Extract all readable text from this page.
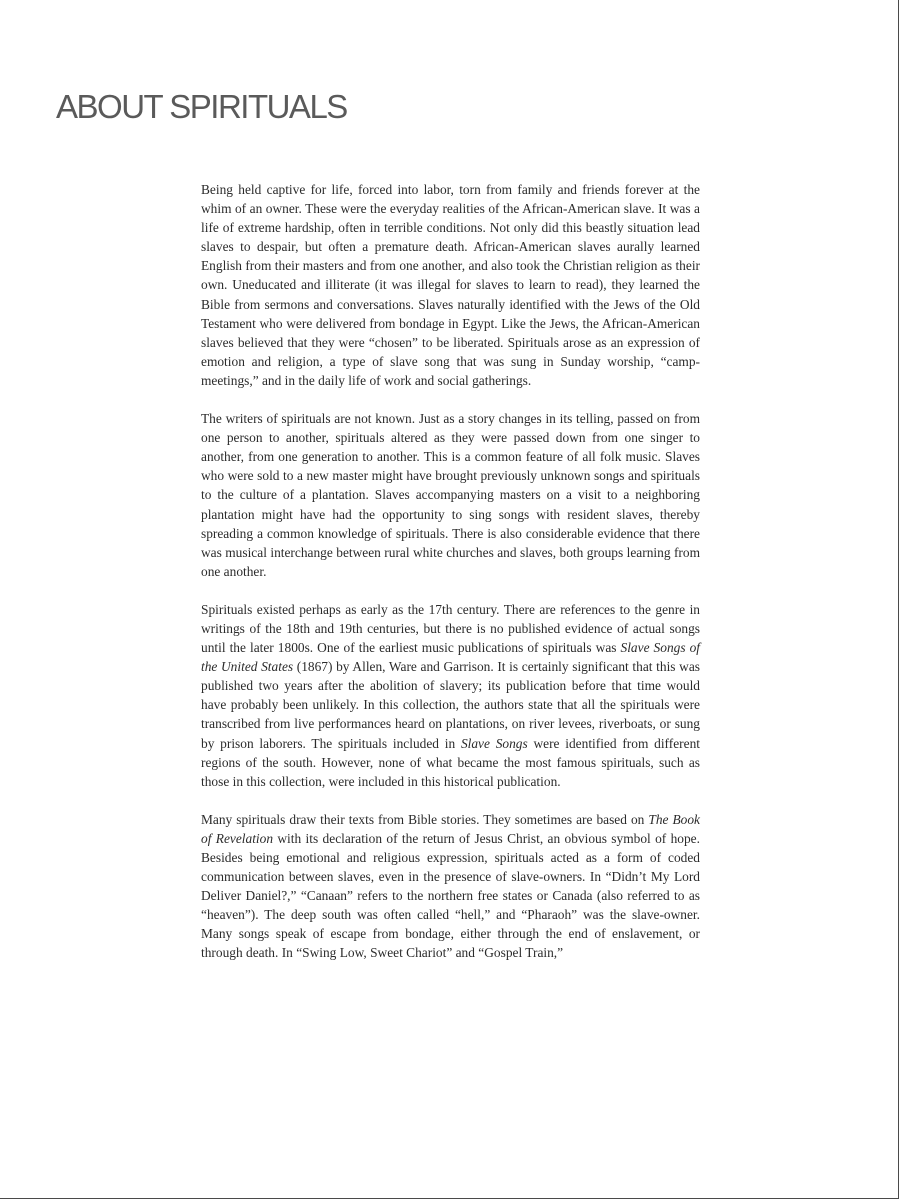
ABOUT SPIRITUALS

Being held captive for life, forced into labor, torn from family and friends forever at the whim of an owner. These were the everyday realities of the African-American slave. It was a life of extreme hardship, often in terrible conditions. Not only did this beastly situation lead slaves to despair, but often a premature death. African-American slaves aurally learned English from their masters and from one another, and also took the Christian religion as their own. Uneducated and illiterate (it was illegal for slaves to learn to read), they learned the Bible from sermons and conversations. Slaves naturally identified with the Jews of the Old Testament who were delivered from bondage in Egypt. Like the Jews, the African-American slaves believed that they were “chosen” to be liberated. Spirituals arose as an expression of emotion and religion, a type of slave song that was sung in Sunday worship, “camp-meetings,” and in the daily life of work and social gatherings.

The writers of spirituals are not known. Just as a story changes in its telling, passed on from one person to another, spirituals altered as they were passed down from one singer to another, from one generation to another. This is a common feature of all folk music. Slaves who were sold to a new master might have brought previously unknown songs and spirituals to the culture of a plantation. Slaves accompanying masters on a visit to a neighboring plantation might have had the opportunity to sing songs with resident slaves, thereby spreading a common knowledge of spirituals. There is also considerable evidence that there was musical interchange between rural white churches and slaves, both groups learning from one another.

Spirituals existed perhaps as early as the 17th century. There are references to the genre in writings of the 18th and 19th centuries, but there is no published evidence of actual songs until the later 1800s. One of the earliest music publications of spirituals was Slave Songs of the United States (1867) by Allen, Ware and Garrison. It is certainly significant that this was published two years after the abolition of slavery; its publication before that time would have probably been unlikely. In this collection, the authors state that all the spirituals were transcribed from live performances heard on plantations, on river levees, riverboats, or sung by prison laborers. The spirituals included in Slave Songs were identified from different regions of the south. However, none of what became the most famous spirituals, such as those in this collection, were included in this historical publication.

Many spirituals draw their texts from Bible stories. They sometimes are based on The Book of Revelation with its declaration of the return of Jesus Christ, an obvious symbol of hope. Besides being emotional and religious expression, spirituals acted as a form of coded communication between slaves, even in the presence of slave-owners. In “Didn’t My Lord Deliver Daniel?,” “Canaan” refers to the northern free states or Canada (also referred to as “heaven”). The deep south was often called “hell,” and “Pharaoh” was the slave-owner. Many songs speak of escape from bondage, either through the end of enslavement, or through death. In “Swing Low, Sweet Chariot” and “Gospel Train,”
